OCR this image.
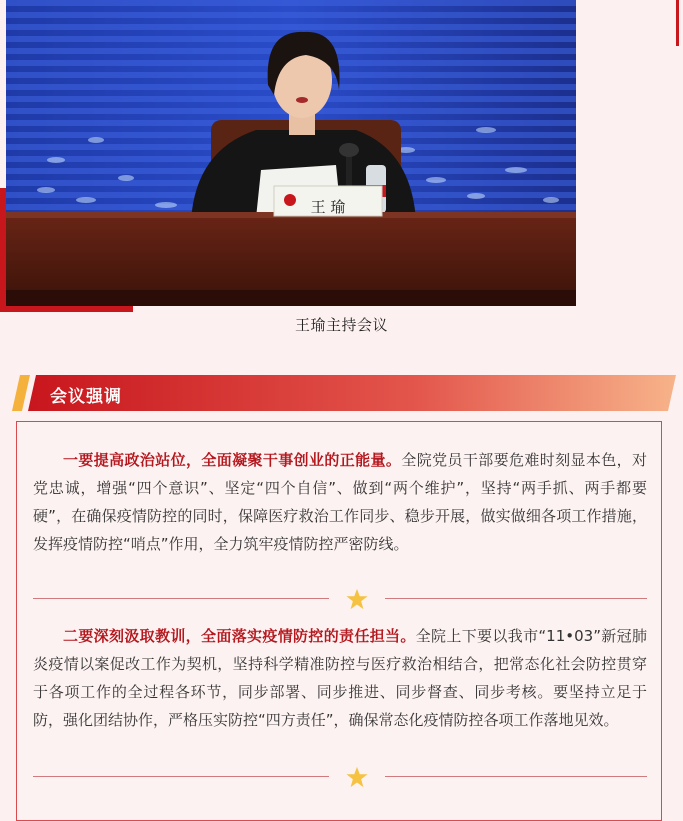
王 瑜
王瑜主持会议
会议强调

一要提高政治站位，全面凝聚干事创业的正能量。全院党员干部要危难时刻显本色，对党忠诚，增强“四个意识”、坚定“四个自信”、做到“两个维护”，坚持“两手抓、两手都要硬”，在确保疫情防控的同时，保障医疗救治工作同步、稳步开展，做实做细各项工作措施，发挥疫情防控“哨点”作用，全力筑牢疫情防控严密防线。

二要深刻汲取教训，全面落实疫情防控的责任担当。全院上下要以我市“11•03”新冠肺炎疫情以案促改工作为契机，坚持科学精准防控与医疗救治相结合，把常态化社会防控贯穿于各项工作的全过程各环节，同步部署、同步推进、同步督查、同步考核。要坚持立足于防，强化团结协作，严格压实防控“四方责任”，确保常态化疫情防控各项工作落地见效。
